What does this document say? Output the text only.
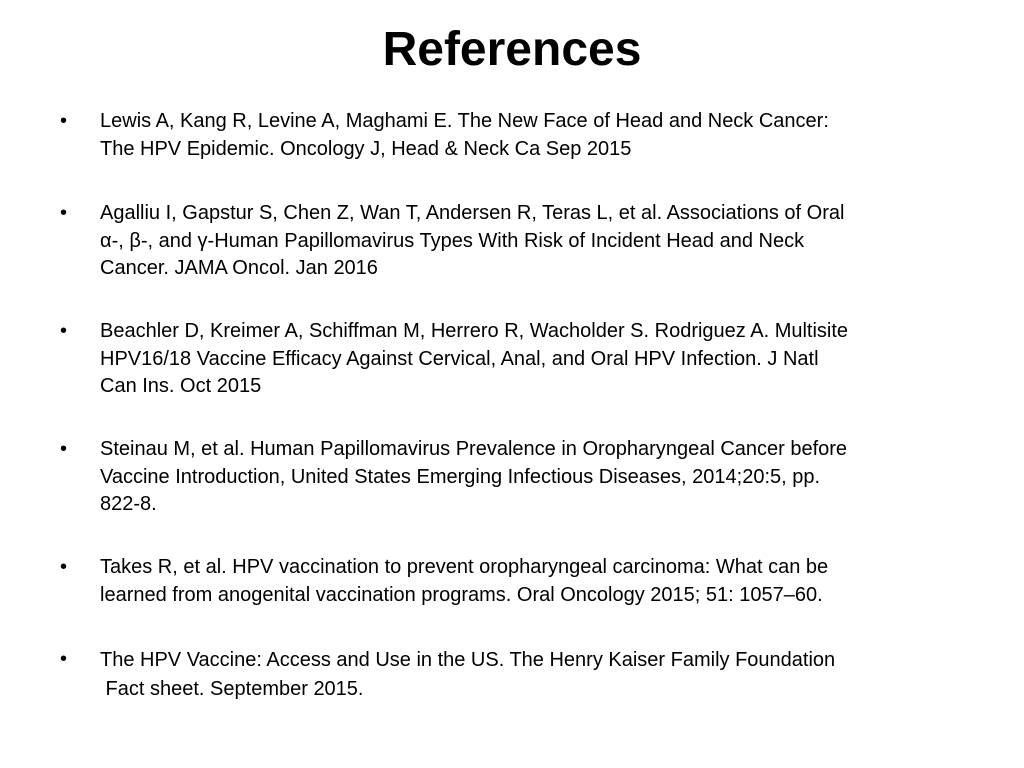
References
•	Lewis A, Kang R, Levine A, Maghami E. The New Face of Head and Neck Cancer:
The HPV Epidemic. Oncology J, Head & Neck Ca Sep 2015
•	Agalliu I, Gapstur S, Chen Z, Wan T, Andersen R, Teras L, et al. Associations of Oral
α-, β-, and γ-Human Papillomavirus Types With Risk of Incident Head and Neck
Cancer. JAMA Oncol. Jan 2016
•	Beachler D, Kreimer A, Schiffman M, Herrero R, Wacholder S. Rodriguez A. Multisite
HPV16/18 Vaccine Efficacy Against Cervical, Anal, and Oral HPV Infection. J Natl
Can Ins. Oct 2015
•	Steinau M, et al. Human Papillomavirus Prevalence in Oropharyngeal Cancer before
Vaccine Introduction, United States Emerging Infectious Diseases, 2014;20:5, pp.
822-8.
•	Takes R, et al. HPV vaccination to prevent oropharyngeal carcinoma: What can be
learned from anogenital vaccination programs. Oral Oncology 2015; 51: 1057–60.
•	The HPV Vaccine: Access and Use in the US. The Henry Kaiser Family Foundation
Fact sheet. September 2015.
